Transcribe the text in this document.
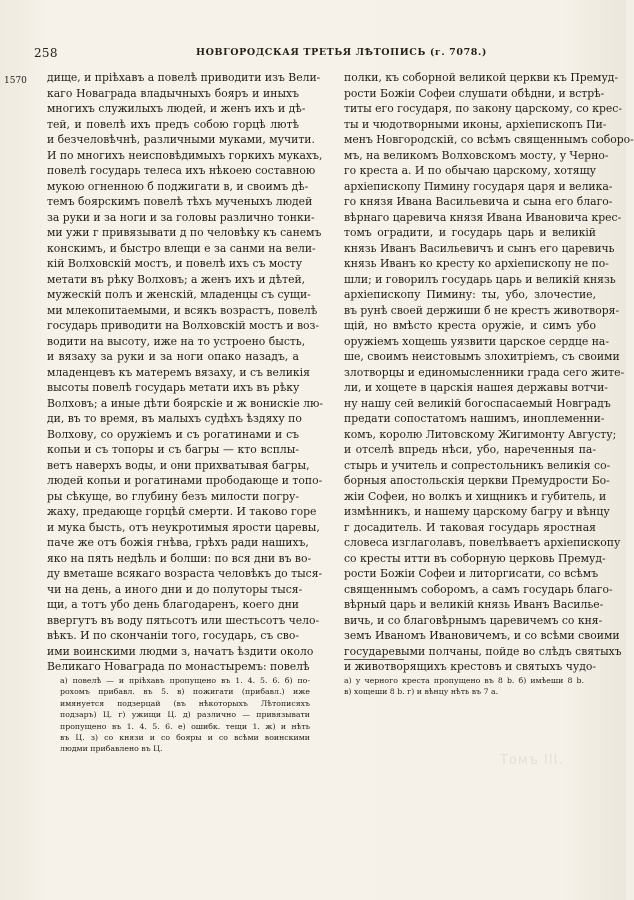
258	НОВГОРОДСКАЯ ТРЕТЬЯ ЛѢТОПИСЬ (г. 7078.)
1570 дище, и прiѣхавъ а повелѣ приводити изъ Вели-
каго Новаграда владычныхъ бояръ и иныхъ
многихъ служилыхъ людей, и женъ ихъ и дѣ-
тей, и повелѣ ихъ предъ собою горцѣ лютѣ
и безчеловѣчнѣ, различными муками, мучити.
И по многихъ неисповѣдимыхъ горкихъ мукахъ,
повелѣ государь телеса ихъ нѣкоею составною
мукою огненною б поджигати в, и своимъ дѣ-
темъ боярскимъ повелѣ тѣхъ мученыхъ людей
за руки и за ноги и за головы различно тонки-
ми ужи г привязывати д по человѣку къ санемъ
конскимъ, и быстро влещи е за санми на вели-
кiй Волховскiй мостъ, и повелѣ ихъ съ мосту
метати въ рѣку Волховъ; а женъ ихъ и дѣтей,
мужескiй полъ и женскiй, младенцы съ сущи-
ми млекопитаемыми, и всякъ возрастъ, повелѣ
государь приводити на Волховскiй мостъ и воз-
водити на высоту, иже на то устроено бысть,
и вязаху за руки и за ноги опако назадъ, а
младенцевъ къ матеремъ вязаху, и съ великiя
высоты повелѣ государь метати ихъ въ рѣку
Волховъ; а иные дѣти боярскiе и ж вонискiе лю-
ди, въ то время, въ малыхъ судѣхъ ѣздяху по
Волхову, со оружiемъ и съ рогатинами и съ
копьи и съ топоры и съ багры — кто всплы-
ветъ наверхъ воды, и они прихватывая багры,
людей копьи и рогатинами прободающе и топо-
ры сѣкуще, во глубину безъ милости погру-
жаху, предающе горцѣй смерти. И таково горе
и мука бысть, отъ неукротимыя ярости царевы,
паче же отъ божiя гнѣва, грѣхъ ради нашихъ,
яко на пять недѣль и болши: по вся дни въ во-
ду вметаше всякаго возраста человѣкъ до тыся-
чи на день, а иного дни и до полуторы тыся-
щи, а тотъ убо день благодаренъ, коего дни
ввергутъ въ воду пятьсотъ или шестьсотъ чело-
вѣкъ. И по скончанiи того, государь, съ сво-
ими воинскими людми з, начатъ ѣздити около
Великаго Новаграда по монастыремъ: повелѣ
полки, къ соборной великой церкви къ Премуд-
рости Божiи Софеи слушати обѣдни, и встрѣ-
титы его государя, по закону царскому, со крес-
ты и чюдотворными иконы, архiепископъ Пи-
менъ Новгородскiй, со всѣмъ священнымъ соборо-
мъ, на великомъ Волховскомъ мосту, у Черно-
го креста а. И по обычаю царскому, хотящу
архiепископу Пимину государя царя и велика-
го князя Ивана Васильевича и сына его благо-
вѣрнаго царевича князя Ивана Ивановича крес-
томъ оградити, и государь царь и великiй
князь Иванъ Васильевичъ и сынъ его царевичь
князь Иванъ ко кресту ко архiепископу не по-
шли; и говорилъ государь царь и великiй князь
архiепископу Пимину: ты, убо, злочестие,
въ рунѣ своей держиши б не крестъ животворя-
щiй, но вмѣсто креста оружiе, и симъ убо
оружiемъ хощешь уязвити царское сердце на-
ше, своимъ неистовымъ злохитрiемъ, съ своими
злотворцы и единомысленники града сего жите-
ли, и хощете в царскiя нашея державы вотчи-
ну нашу сей великiй богоспасаемый Новградъ
предати сопостатомъ нашимъ, иноплеменни-
комъ, королю Литовскому Жигимонту Августу;
и отселѣ впредь нѣси, убо, нареченныя па-
стырь и учитель и сопрестольникъ великiя со-
борныя апостольскiя церкви Премудрости Бо-
жiи Софеи, но волкъ и хищникъ и губитель, и
измѣнникъ, и нашему царскому багру и вѣнцу
г досадитель. И таковая государь яростная
словеса изглаголавъ, повелѣваетъ архiепископу
со кресты итти въ соборную церковь Премуд-
рости Божiи Софеи и литоргисати, со всѣмъ
священнымъ соборомъ, а самъ государь благо-
вѣрный царь и великiй князь Иванъ Василье-
вичь, и со благовѣрнымъ царевичемъ со кня-
земъ Иваномъ Ивановичемъ, и со всѣми своими
государевыми полчаны, пойде во слѣдъ святыхъ
и животворящихъ крестовъ и святыхъ чудо-
а) повелѣ — и прiѣхавъ пропущено въ 1. 4. 5. 6. б) по-
рохомъ прибавл. въ 5. в) пожигати (прибавл.) иже
имянуется подзерцай (въ нѣкоторыхъ Лѣтописяхъ
подзаръ) Ц. г) ужищи Ц. д) различно — привязывати
пропущено въ 1. 4. 5. 6. е) ошибк. тещи 1. ж) и нѣть
въ Ц. з) со князи и со бояры и со всѣми воинскими
людми прибавлено въ Ц.
а) у черного креста пропущено въ 8 b. б) имѣеши 8 b.
в) хощеши 8 b. г) и вѣнцу нѣть въ 7 а.
Томъ III.
